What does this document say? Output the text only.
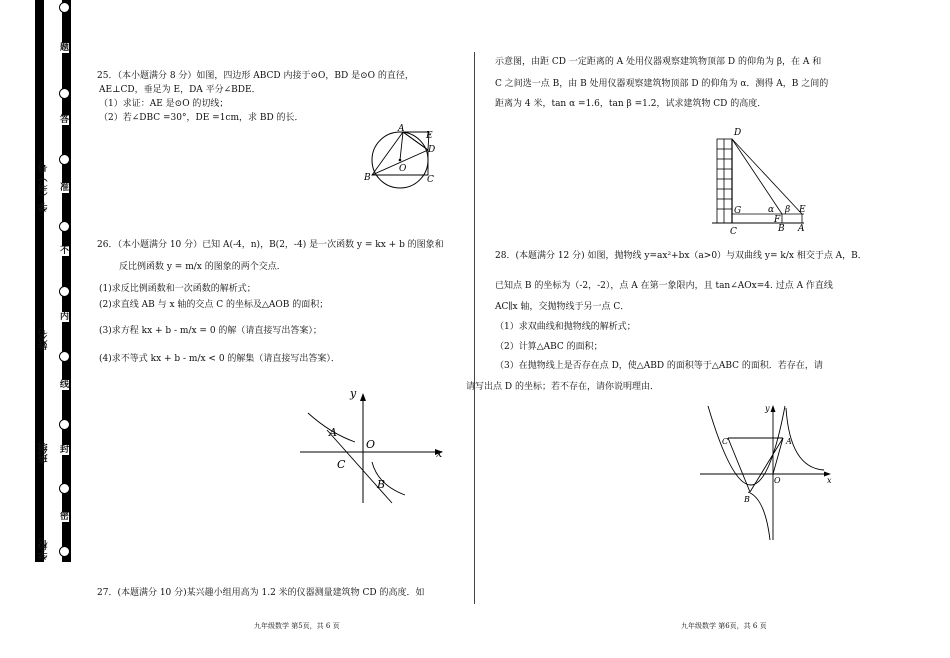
题
答
准
不
内
线
封
密
学校：
班级：
姓名：
学（考）号：
25．（本小题满分 8 分）如图，四边形 ABCD 内接于⊙O，BD 是⊙O 的直径，
AE⊥CD，垂足为 E，DA 平分∠BDE．
（1）求证：AE 是⊙O 的切线；
（2）若∠DBC =30°，DE =1cm，求 BD 的长．
A
E
D
B	C
O
26．（本小题满分 10 分）已知 A(-4，n)，B(2，-4) 是一次函数 y = kx + b 的图象和
反比例函数 y = m/x 的图象的两个交点．
(1)求反比例函数和一次函数的解析式；
(2)求直线 AB 与 x 轴的交点 C 的坐标及△AOB 的面积；
(3)求方程 kx + b - m/x = 0 的解（请直接写出答案）；
(4)求不等式 kx + b - m/x < 0 的解集（请直接写出答案）．
y
x
A
O
C
B
27．(本题满分 10 分)某兴趣小组用高为 1.2 米的仪器测量建筑物 CD 的高度．如
九年级数学 第5页，共 6 页
示意图，由距 CD 一定距离的 A 处用仪器观察建筑物顶部 D 的仰角为 β，在 A 和
C 之间选一点 B，由 B 处用仪器观察建筑物顶部 D 的仰角为 α．测得 A，B 之间的
距离为 4 米，tan α =1.6，tan β =1.2，试求建筑物 CD 的高度．
D
G	α β E
F
C	B A
28．(本题满分 12 分) 如图，抛物线 y=ax²+bx（a>0）与双曲线 y= k/x 相交于点 A，B．
已知点 B 的坐标为（-2，-2），点 A 在第一象限内，且 tan∠AOx=4. 过点 A 作直线
AC∥x 轴，交抛物线于另一点 C．
（1）求双曲线和抛物线的解析式；
（2）计算△ABC 的面积；
（3）在抛物线上是否存在点 D，使△ABD 的面积等于△ABC 的面积．若存在，请
请写出点 D 的坐标；若不存在，请你说明理由．
y
x
C	A
O
B
九年级数学 第6页，共 6 页
